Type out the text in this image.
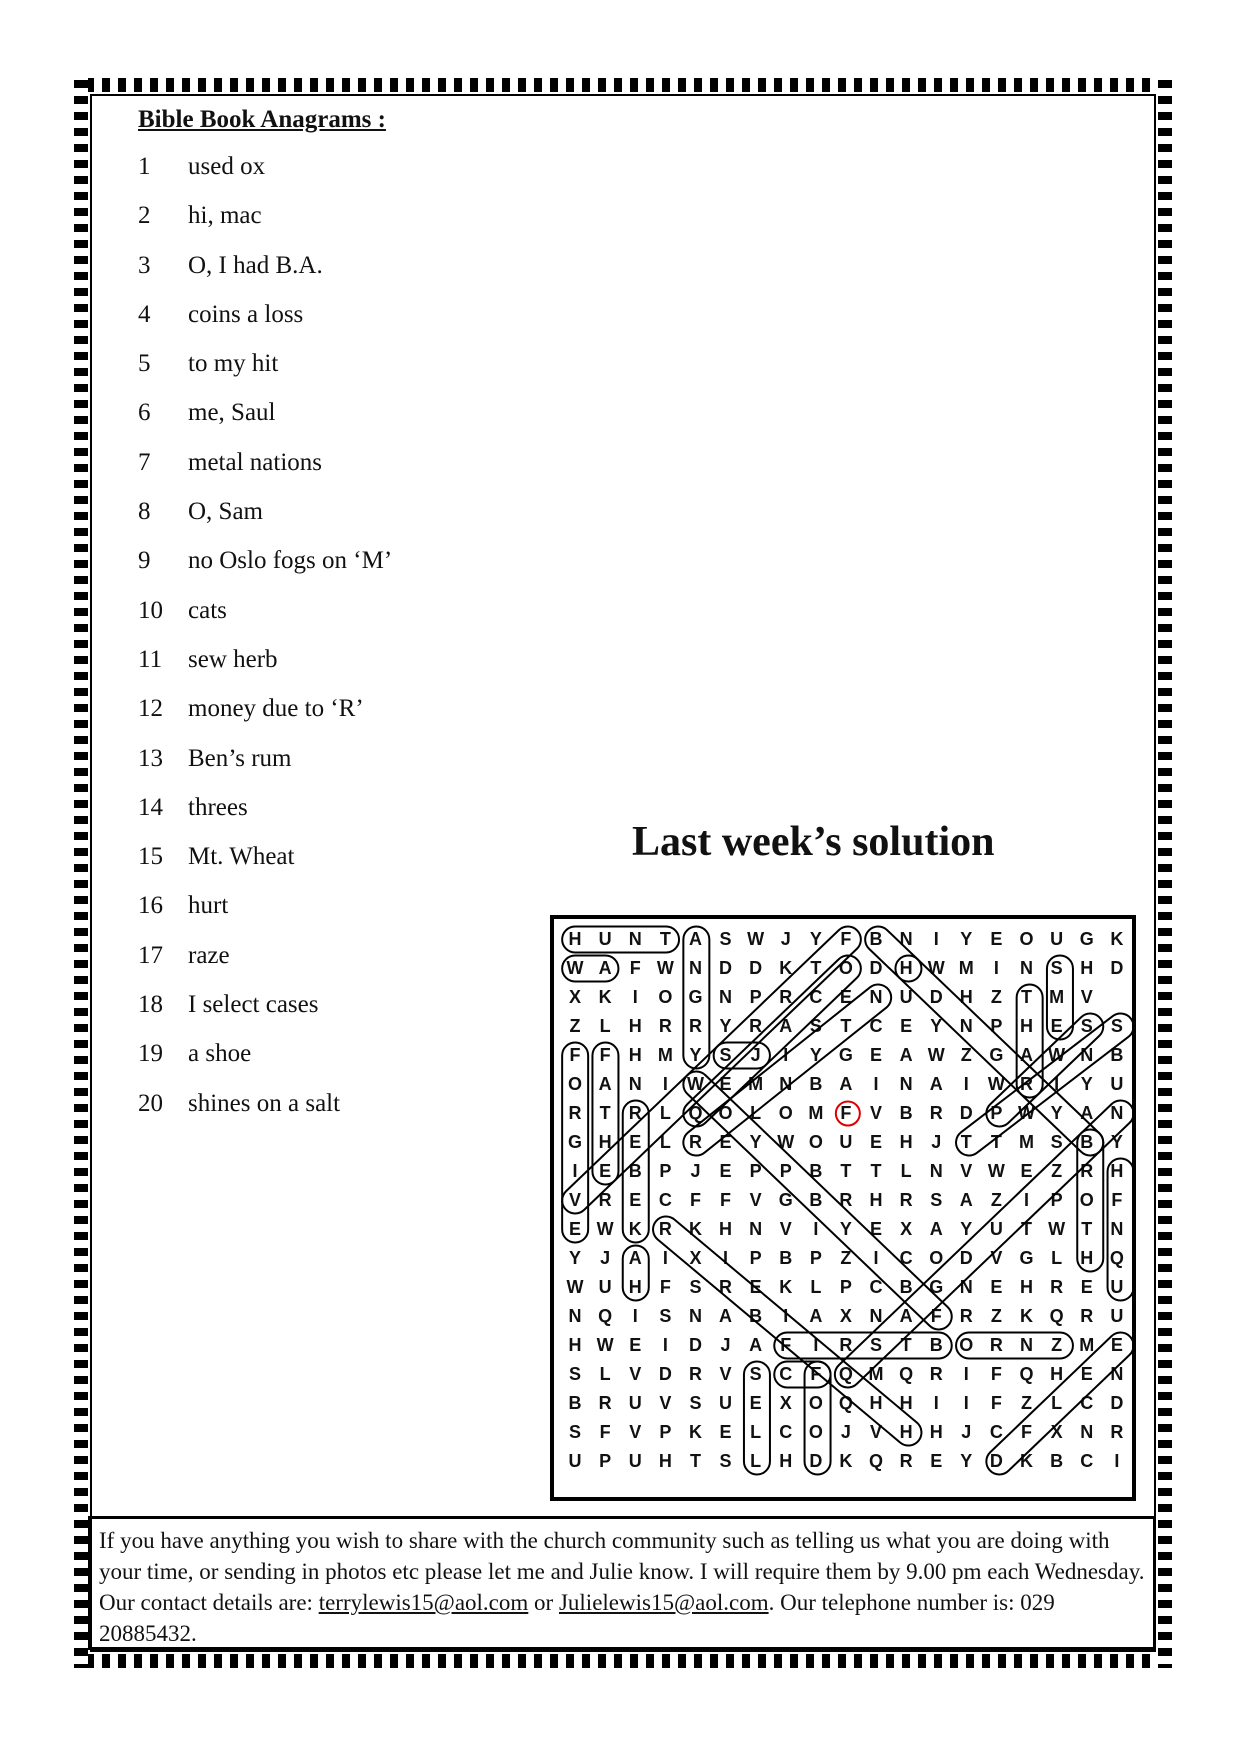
Bible Book Anagrams :
1	used ox
2	hi, mac
3	O, I had B.A.
4	coins a loss
5	to my hit
6	me, Saul
7	metal nations
8	O, Sam
9	no Oslo fogs on ‘M’
10	cats
11	sew herb
12	money due to ‘R’
13	Ben’s rum
14	threes
15	Mt. Wheat
16	hurt
17	raze
18	I select cases
19	a shoe
20	shines on a salt
Last week’s solution
H	U	N	T	A	S	W	J	Y	F	B	N	I	Y	E	O	U	G	K
W	A	F	W	N	D	D	K	T	O	D	H	W	M	I	N	S	H	D
X	K	I	O	G	N	P	R	C	E	N	U	D	H	Z	T	M	V	
Z	L	H	R	R	Y	R	A	S	T	C	E	Y	N	P	H	E	S	S
F	F	H	M	Y	S	J	I	Y	G	E	A	W	Z	G	A	W	N	B
O	A	N	I	W	E	M	N	B	A	I	N	A	I	W	R	I	Y	U
R	T	R	L	Q	O	L	O	M	F	V	B	R	D	P	W	Y	A	N
G	H	E	L	R	E	Y	W	O	U	E	H	J	T	T	M	S	B	Y
I	E	B	P	J	E	P	P	B	T	T	L	N	V	W	E	Z	R	H
V	R	E	C	F	F	V	G	B	R	H	R	S	A	Z	I	P	O	F
E	W	K	R	K	H	N	V	I	Y	E	X	A	Y	U	T	W	T	N
Y	J	A	I	X	I	P	B	P	Z	I	C	O	D	V	G	L	H	Q
W	U	H	F	S	R	E	K	L	P	C	B	G	N	E	H	R	E	U
N	Q	I	S	N	A	B	I	A	X	N	A	F	R	Z	K	Q	R	U
H	W	E	I	D	J	A	F	I	R	S	T	B	O	R	N	Z	M	E
S	L	V	D	R	V	S	C	F	Q	M	Q	R	I	F	Q	H	E	N
B	R	U	V	S	U	E	X	O	Q	H	H	I	I	F	Z	L	C	D
S	F	V	P	K	E	L	C	O	J	V	H	H	J	C	F	X	N	R
U	P	U	H	T	S	L	H	D	K	Q	R	E	Y	D	K	B	C	I
If you have anything you wish to share with the church community such as telling us what you are doing with your time, or sending in photos etc please let me and Julie know. I will require them by 9.00 pm each Wednesday. Our contact details are: terrylewis15@aol.com or Julielewis15@aol.com. Our telephone number is: 029 20885432.
